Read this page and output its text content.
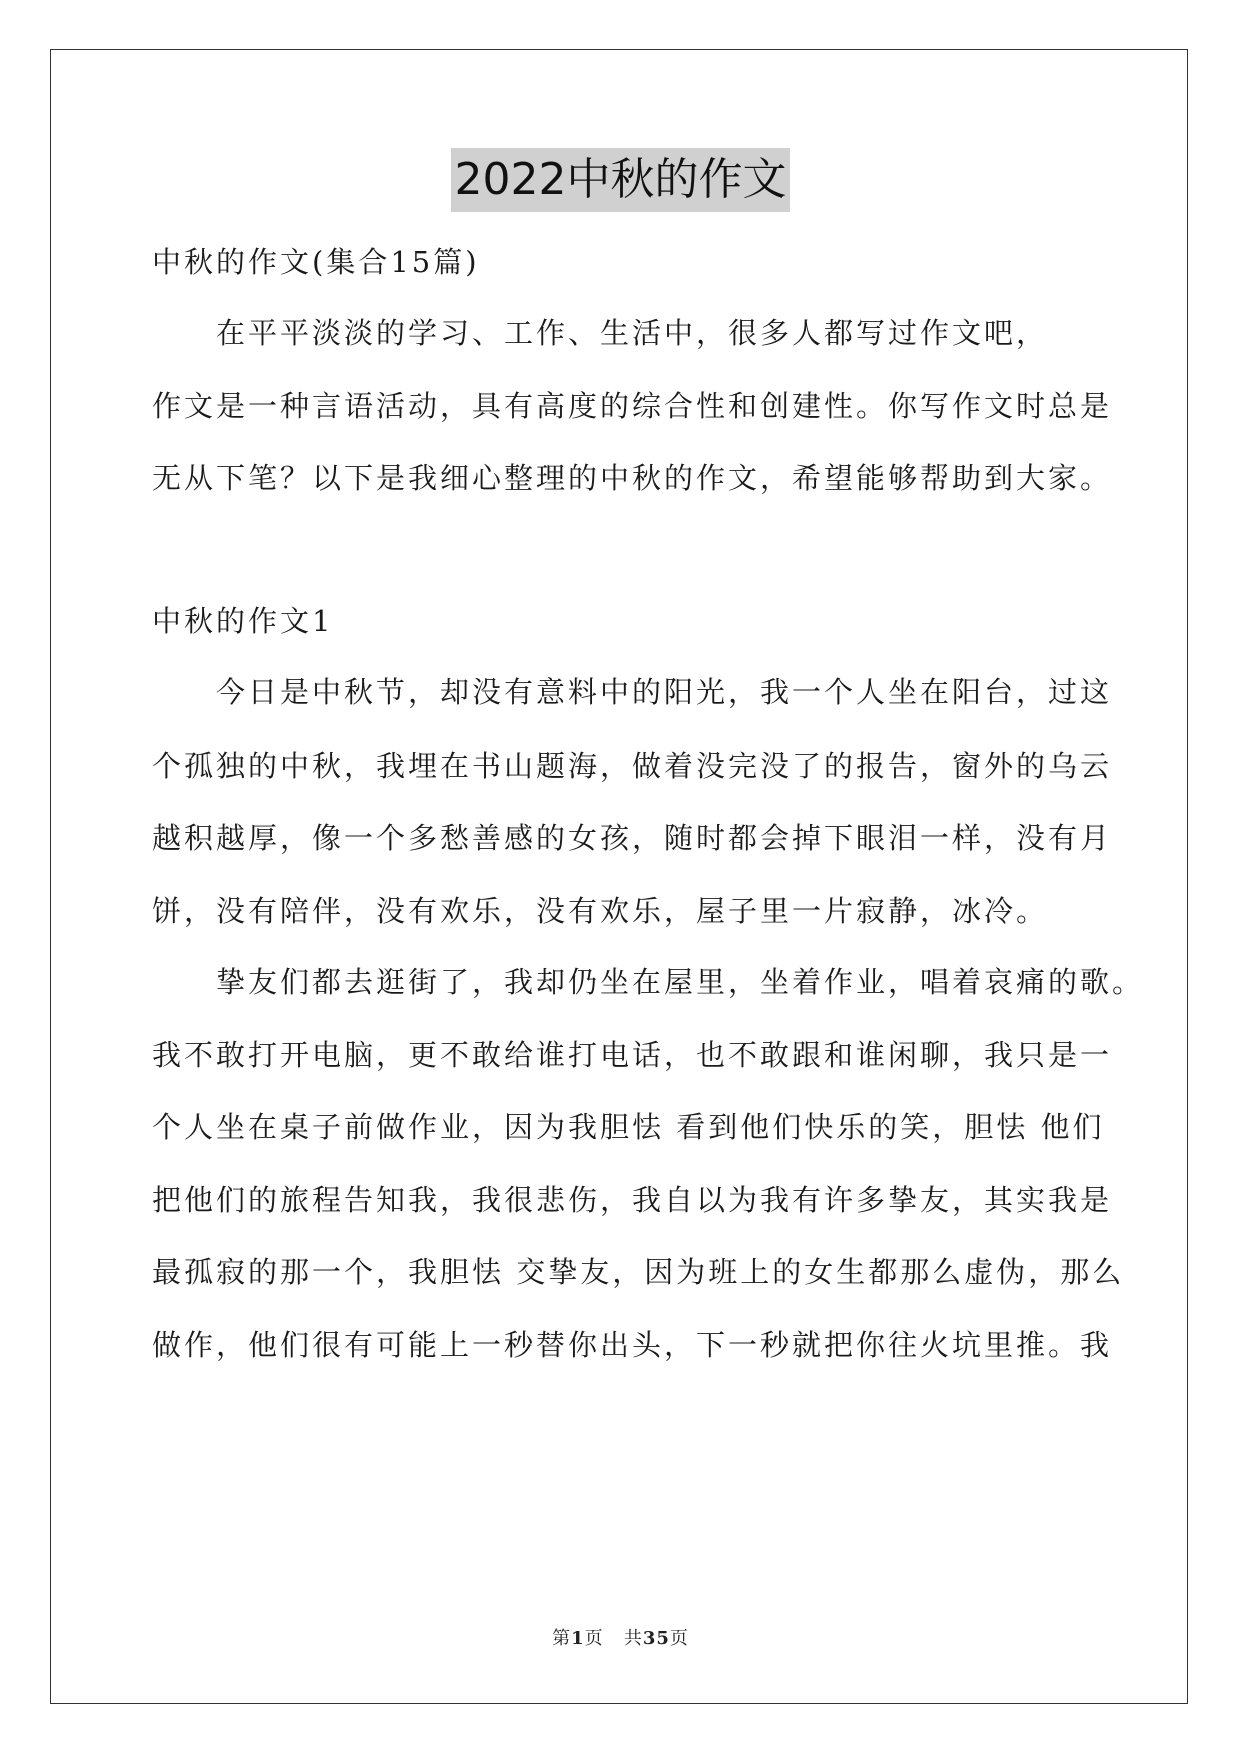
2022中秋的作文
中秋的作文(集合15篇)
　　在平平淡淡的学习、工作、生活中，很多人都写过作文吧，
作文是一种言语活动，具有高度的综合性和创建性。你写作文时总是
无从下笔？以下是我细心整理的中秋的作文，希望能够帮助到大家。
中秋的作文1
　　今日是中秋节，却没有意料中的阳光，我一个人坐在阳台，过这
个孤独的中秋，我埋在书山题海，做着没完没了的报告，窗外的乌云
越积越厚，像一个多愁善感的女孩，随时都会掉下眼泪一样，没有月
饼，没有陪伴，没有欢乐，没有欢乐，屋子里一片寂静，冰冷。
　　挚友们都去逛街了，我却仍坐在屋里，坐着作业，唱着哀痛的歌。
我不敢打开电脑，更不敢给谁打电话，也不敢跟和谁闲聊，我只是一
个人坐在桌子前做作业，因为我胆怯 看到他们快乐的笑，胆怯 他们
把他们的旅程告知我，我很悲伤，我自以为我有许多挚友，其实我是
最孤寂的那一个，我胆怯 交挚友，因为班上的女生都那么虚伪，那么
做作，他们很有可能上一秒替你出头，下一秒就把你往火坑里推。我
第1页 共35页
